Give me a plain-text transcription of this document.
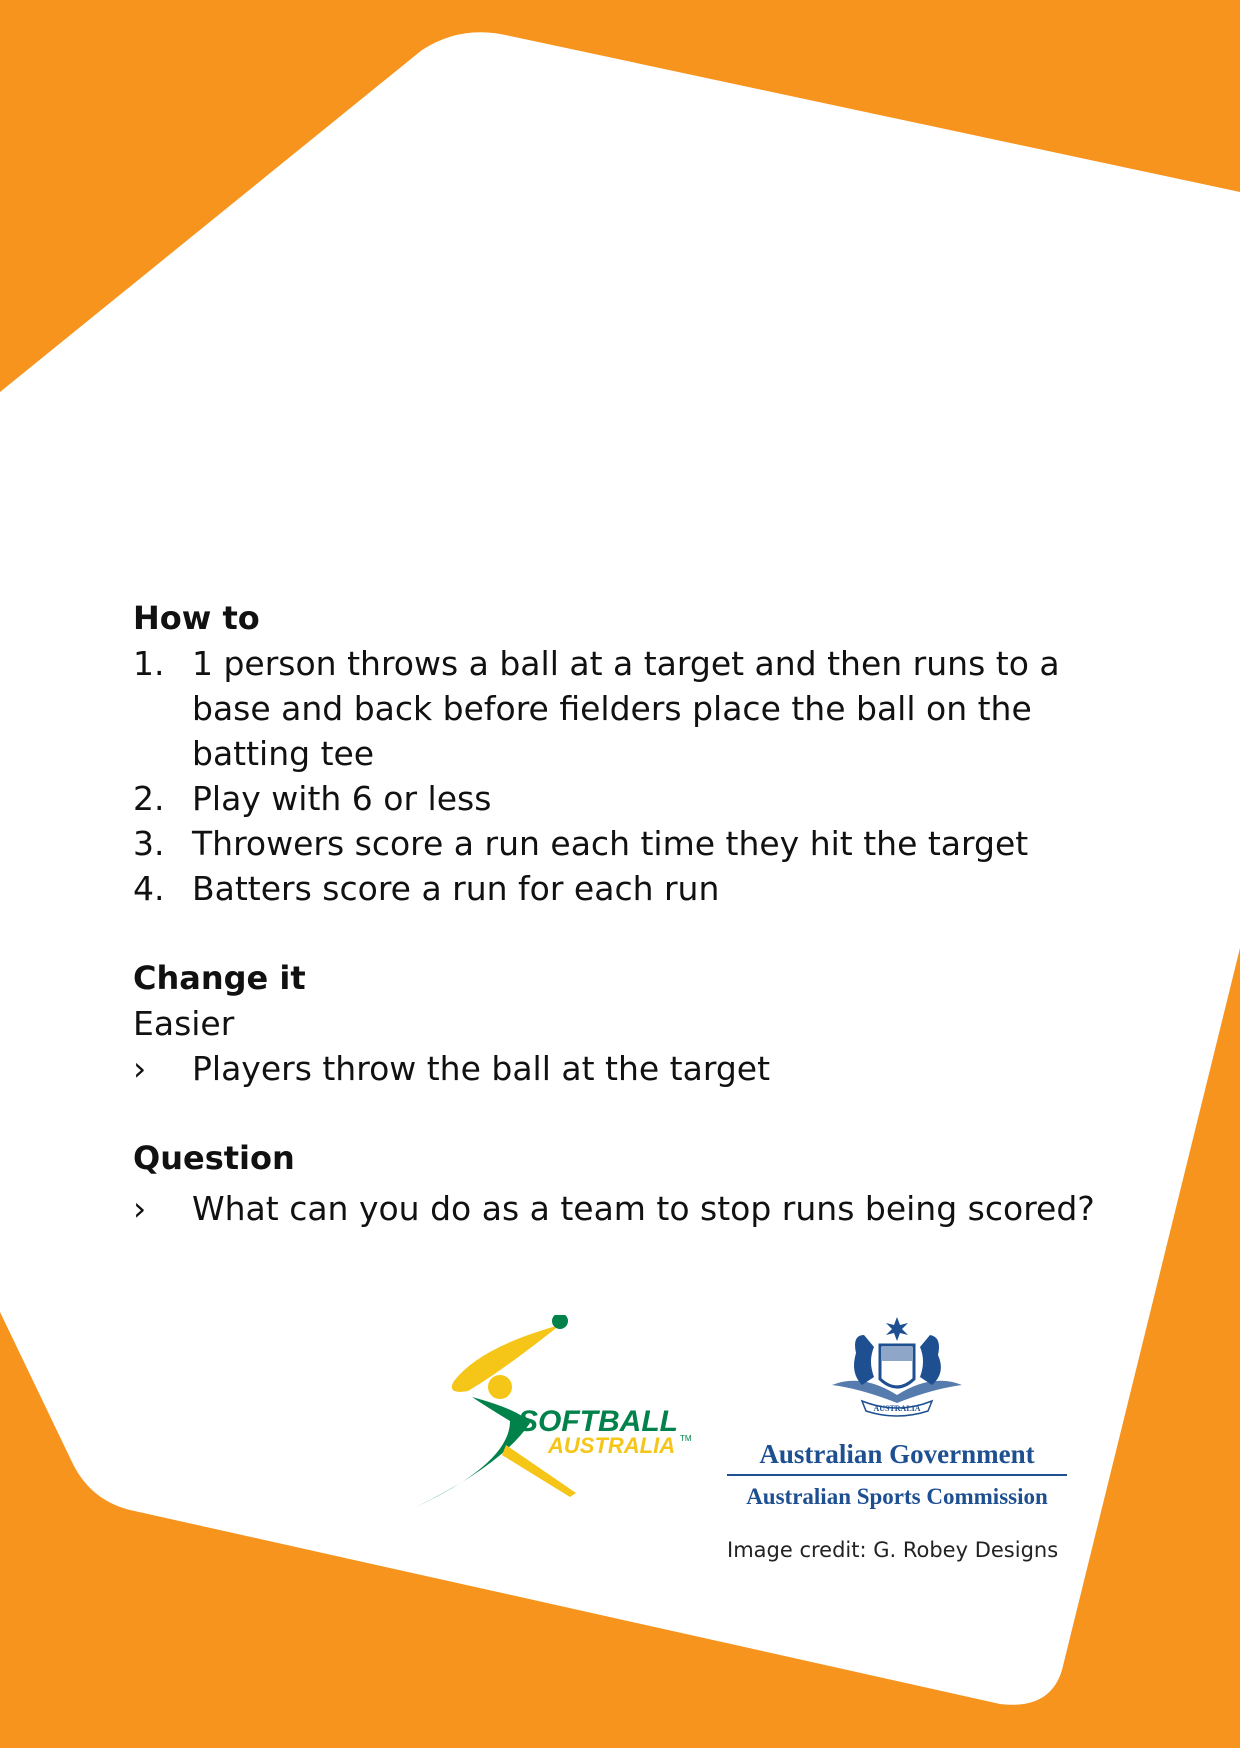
How to
1. 1 person throws a ball at a target and then runs to a base and back before fielders place the ball on the batting tee
2. Play with 6 or less
3. Throwers score a run each time they hit the target
4. Batters score a run for each run
Change it

Easier

› Players throw the ball at the target
Question
› What can you do as a team to stop runs being scored?
SOFTBALL
AUSTRALIA TM
AUSTRALIA
Australian Government
Australian Sports Commission
Image credit: G. Robey Designs
